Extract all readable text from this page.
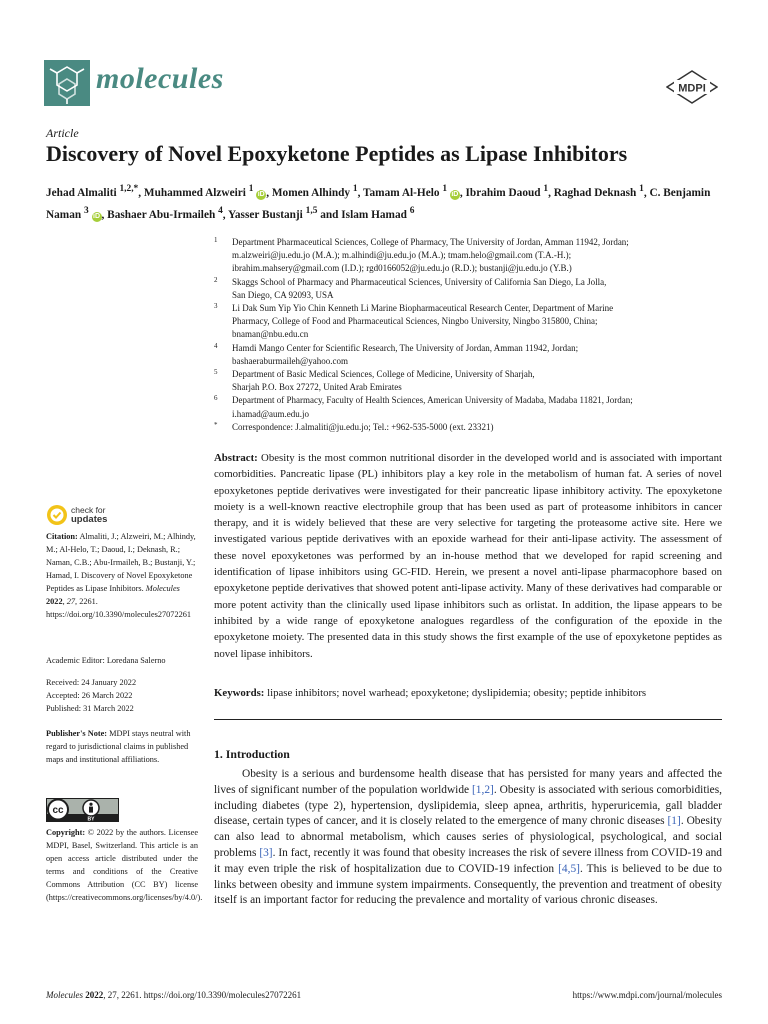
molecules	MDPI
Article
Discovery of Novel Epoxyketone Peptides as Lipase Inhibitors
Jehad Almaliti $^{1,2,*}$, Muhammed Alzweiri $^1$ iD , Momen Alhindy $^1$, Tamam Al-Helo $^1$ iD , Ibrahim Daoud $^1$, Raghad Deknash $^1$, C. Benjamin Naman $^3$ iD , Bashaer Abu-Irmaileh $^4$, Yasser Bustanji $^{1,5}$ and Islam Hamad $^6$
1 Department Pharmaceutical Sciences, College of Pharmacy, The University of Jordan, Amman 11942, Jordan;
m.alzweiri@ju.edu.jo (M.A.); m.alhindi@ju.edu.jo (M.A.); tmam.helo@gmail.com (T.A.-H.);
ibrahim.mahsery@gmail.com (I.D.); rgd0166052@ju.edu.jo (R.D.); bustanji@ju.edu.jo (Y.B.)
2 Skaggs School of Pharmacy and Pharmaceutical Sciences, University of California San Diego, La Jolla,
San Diego, CA 92093, USA
3 Li Dak Sum Yip Yio Chin Kenneth Li Marine Biopharmaceutical Research Center, Department of Marine
Pharmacy, College of Food and Pharmaceutical Sciences, Ningbo University, Ningbo 315800, China;
bnaman@nbu.edu.cn
4 Hamdi Mango Center for Scientific Research, The University of Jordan, Amman 11942, Jordan;
bashaeraburmaileh@yahoo.com
5 Department of Basic Medical Sciences, College of Medicine, University of Sharjah,
Sharjah P.O. Box 27272, United Arab Emirates
6 Department of Pharmacy, Faculty of Health Sciences, American University of Madaba, Madaba 11821, Jordan;
i.hamad@aum.edu.jo
* Correspondence: J.almaliti@ju.edu.jo; Tel.: +962-535-5000 (ext. 23321)
Abstract: Obesity is the most common nutritional disorder in the developed world and is associated with important comorbidities. Pancreatic lipase (PL) inhibitors play a key role in the metabolism of human fat. A series of novel epoxyketones peptide derivatives were investigated for their pancreatic lipase inhibitory activity. The epoxyketone moiety is a well-known reactive electrophile group that has been used as part of proteasome inhibitors in cancer therapy, and it is widely believed that these are very selective for targeting the proteasome active site. Here we investigated various peptide derivatives with an epoxide warhead for their anti-lipase activity. The assessment of these novel epoxyketones was performed by an in-house method that we developed for rapid screening and identification of lipase inhibitors using GC-FID. Herein, we present a novel anti-lipase pharmacophore based on epoxyketone peptide derivatives that showed potent anti-lipase activity. Many of these derivatives had comparable or more potent activity than the clinically used lipase inhibitors such as orlistat. In addition, the lipase appears to be inhibited by a wide range of epoxyketone analogues regardless of the configuration of the epoxide in the epoxyketone moiety. The presented data in this study shows the first example of the use of epoxyketone peptides as novel lipase inhibitors.
Keywords: lipase inhibitors; novel warhead; epoxyketone; dyslipidemia; obesity; peptide inhibitors
1. Introduction
Obesity is a serious and burdensome health disease that has persisted for many years and affected the lives of significant number of the population worldwide [1,2]. Obesity is associated with serious comorbidities, including diabetes (type 2), hypertension, dyslipidemia, sleep apnea, arthritis, hyperuricemia, gall bladder disease, certain types of cancer, and it is closely related to the emergence of many chronic diseases [1]. Obesity can also lead to abnormal metabolism, which causes series of physiological, psychological, and social problems [3]. In fact, recently it was found that obesity increases the risk of severe illness from COVID-19 and it may even triple the risk of hospitalization due to COVID-19 infection [4,5]. This is believed to be due to links between obesity and immune system impairments. Consequently, the prevention and treatment of obesity itself is an important factor for reducing the prevalence and mortality of various chronic diseases.
check for
updates
Citation: Almaliti, J.; Alzweiri, M.; Alhindy, M.; Al-Helo, T.; Daoud, I.; Deknash, R.; Naman, C.B.; Abu-Irmaileh, B.; Bustanji, Y.; Hamad, I. Discovery of Novel Epoxyketone Peptides as Lipase Inhibitors. Molecules 2022, 27, 2261. https://doi.org/10.3390/molecules27072261
Academic Editor: Loredana Salerno
Received: 24 January 2022
Accepted: 26 March 2022
Published: 31 March 2022
Publisher's Note: MDPI stays neutral with regard to jurisdictional claims in published maps and institutional affiliations.
cc
BY
Copyright: © 2022 by the authors. Licensee MDPI, Basel, Switzerland. This article is an open access article distributed under the terms and conditions of the Creative Commons Attribution (CC BY) license (https://creativecommons.org/licenses/by/4.0/).
Molecules 2022, 27, 2261. https://doi.org/10.3390/molecules27072261	https://www.mdpi.com/journal/molecules
